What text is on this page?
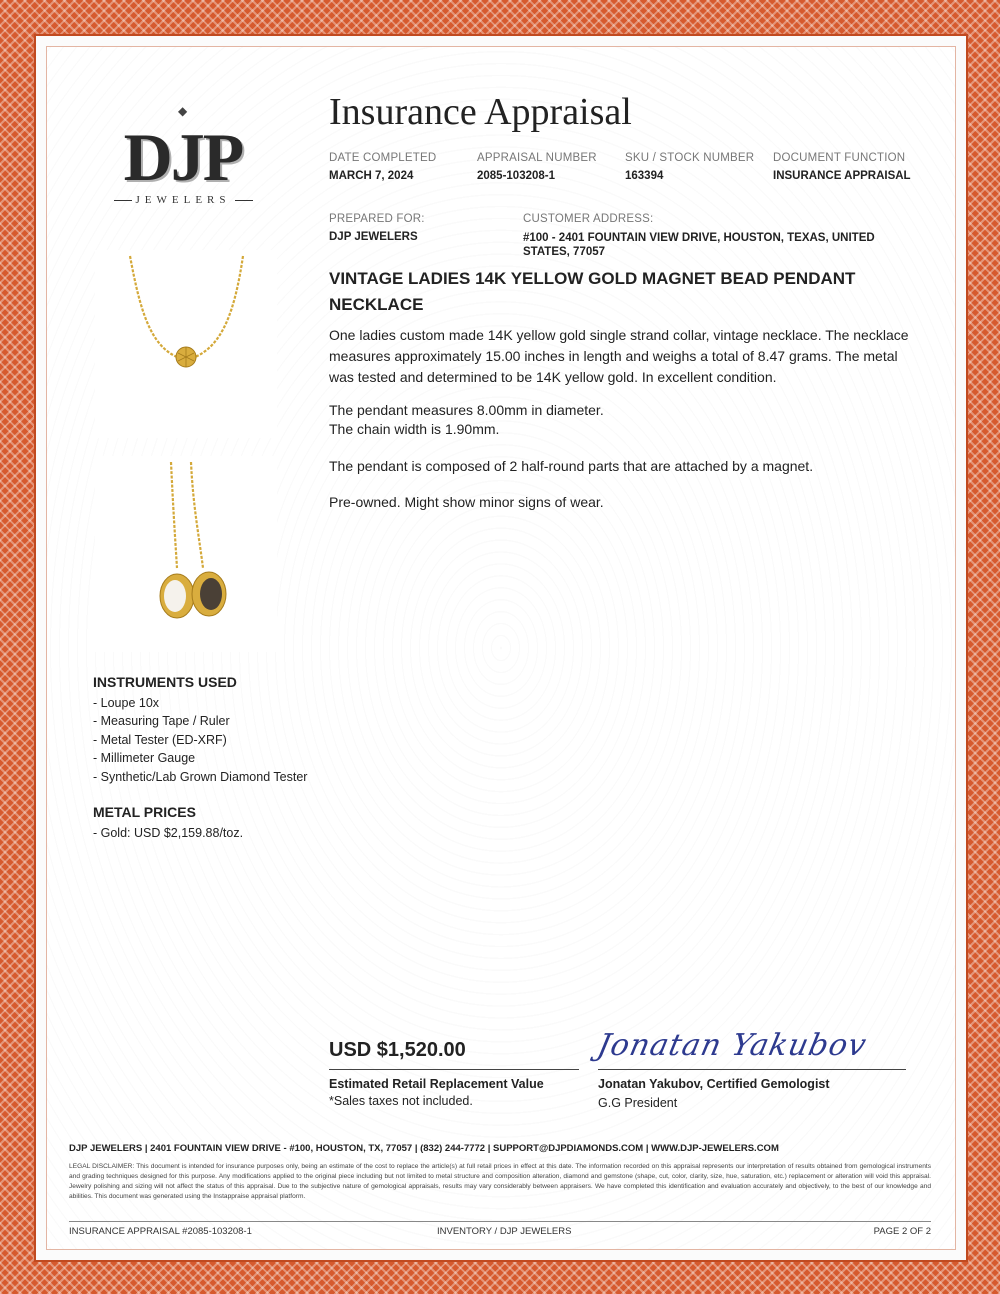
◆
DJP
JEWELERS
Insurance Appraisal
DATE COMPLETED
MARCH 7, 2024
APPRAISAL NUMBER
2085-103208-1
SKU / STOCK NUMBER
163394
DOCUMENT FUNCTION
INSURANCE APPRAISAL
PREPARED FOR:
DJP JEWELERS
CUSTOMER ADDRESS:
#100 - 2401 FOUNTAIN VIEW DRIVE, HOUSTON, TEXAS, UNITED STATES, 77057
VINTAGE LADIES 14K YELLOW GOLD MAGNET BEAD PENDANT NECKLACE
One ladies custom made 14K yellow gold single strand collar, vintage necklace. The necklace measures approximately 15.00 inches in length and weighs a total of 8.47 grams. The metal was tested and determined to be 14K yellow gold. In excellent condition.
The pendant measures 8.00mm in diameter.
The chain width is 1.90mm.
The pendant is composed of 2 half-round parts that are attached by a magnet.
Pre-owned. Might show minor signs of wear.
INSTRUMENTS USED
- Loupe 10x
- Measuring Tape / Ruler
- Metal Tester (ED-XRF)
- Millimeter Gauge
- Synthetic/Lab Grown Diamond Tester
METAL PRICES
- Gold: USD $2,159.88/toz.
USD $1,520.00
Estimated Retail Replacement Value
*Sales taxes not included.
Jonatan Yakubov
Jonatan Yakubov, Certified Gemologist
G.G President
DJP JEWELERS | 2401 FOUNTAIN VIEW DRIVE - #100, HOUSTON, TX, 77057 | (832) 244-7772 | SUPPORT@DJPDIAMONDS.COM | WWW.DJP-JEWELERS.COM
LEGAL DISCLAIMER: This document is intended for insurance purposes only, being an estimate of the cost to replace the article(s) at full retail prices in effect at this date. The information recorded on this appraisal represents our interpretation of results obtained from gemological instruments and grading techniques designed for this purpose. Any modifications applied to the original piece including but not limited to metal structure and composition alteration, diamond and gemstone (shape, cut, color, clarity, size, hue, saturation, etc.) replacement or alteration will void this appraisal. Jewelry polishing and sizing will not affect the status of this appraisal. Due to the subjective nature of gemological appraisals, results may vary considerably between appraisers. We have completed this identification and evaluation accurately and objectively, to the best of our knowledge and abilities. This document was generated using the Instappraise appraisal platform.
INSURANCE APPRAISAL #2085-103208-1	INVENTORY / DJP JEWELERS	PAGE 2 OF 2
